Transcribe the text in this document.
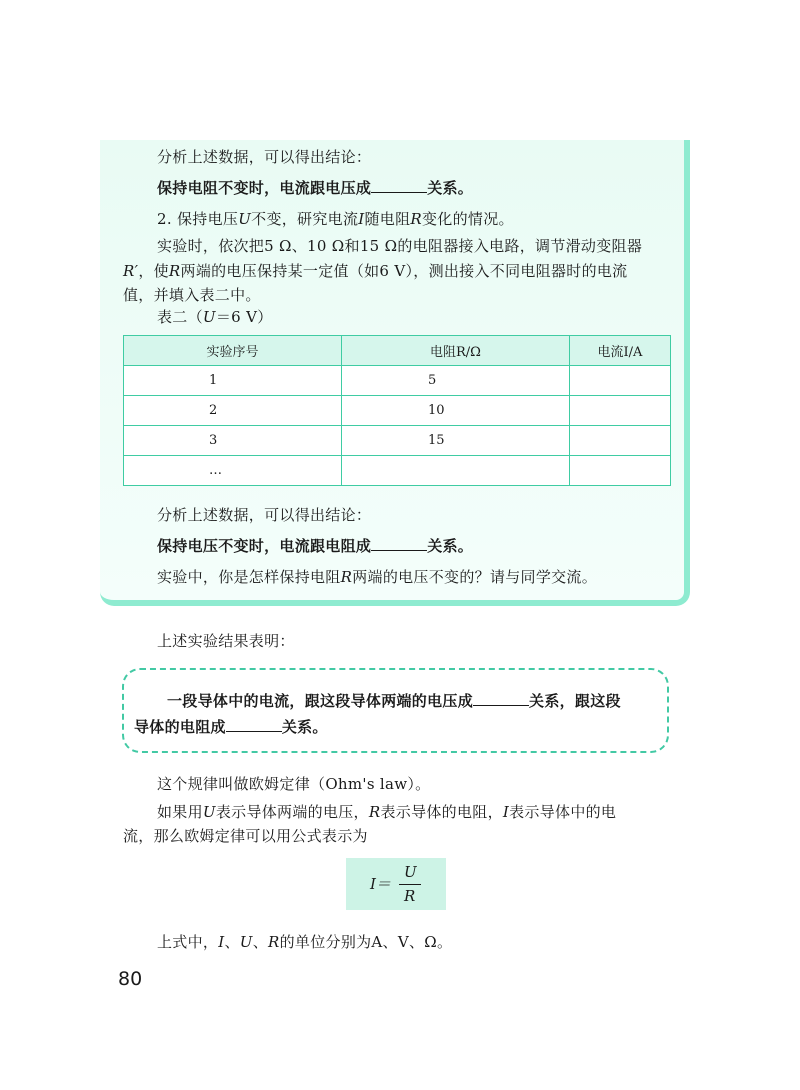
分析上述数据，可以得出结论：
保持电阻不变时，电流跟电压成	关系。
2. 保持电压U不变，研究电流I随电阻R变化的情况。
实验时，依次把5 Ω、10 Ω和15 Ω的电阻器接入电路，调节滑动变阻器
R′，使R两端的电压保持某一定值（如6 V），测出接入不同电阻器时的电流
值，并填入表二中。
表二（U＝6 V）
实验序号	电阻R/Ω	电流I/A
1	5	
2	10	
3	15	
…		
分析上述数据，可以得出结论：
保持电压不变时，电流跟电阻成	关系。
实验中，你是怎样保持电阻R两端的电压不变的？请与同学交流。
上述实验结果表明：
一段导体中的电流，跟这段导体两端的电压成	关系，跟这段
导体的电阻成	关系。
这个规律叫做欧姆定律（Ohm's law）。
如果用U表示导体两端的电压，R表示导体的电阻，I表示导体中的电
流，那么欧姆定律可以用公式表示为
I＝
U
R
上式中，I、U、R的单位分别为A、V、Ω。
80
